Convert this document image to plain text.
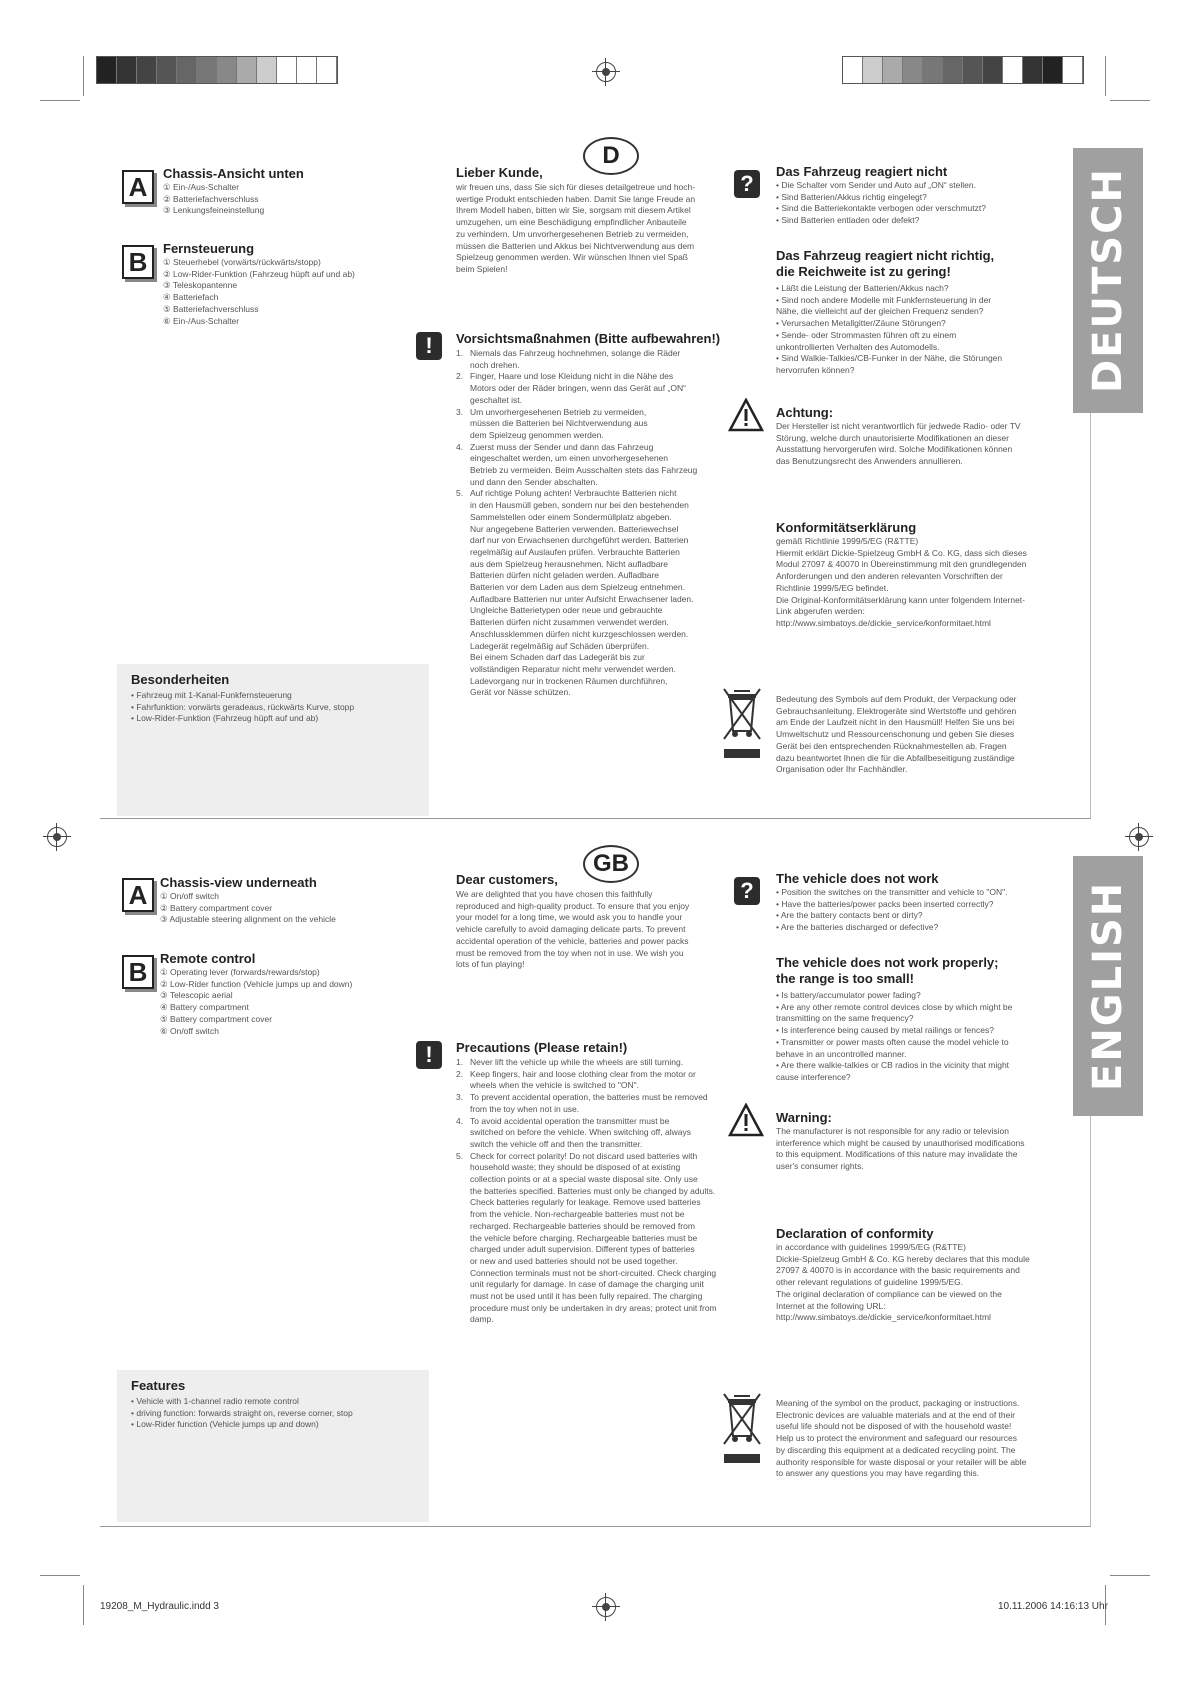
19208_M_Hydraulic.indd 3	10.11.2006 14:16:13 Uhr
DEUTSCH
D
A	Chassis-Ansicht unten
① Ein-/Aus-Schalter
② Batteriefachverschluss
③ Lenkungsfeineinstellung
B	Fernsteuerung
① Steuerhebel (vorwärts/rückwärts/stopp)
② Low-Rider-Funktion (Fahrzeug hüpft auf und ab)
③ Teleskopantenne
④ Batteriefach
⑤ Batteriefachverschluss
⑥ Ein-/Aus-Schalter
Besonderheiten
• Fahrzeug mit 1-Kanal-Funkfernsteuerung
• Fahrfunktion: vorwärts geradeaus, rückwärts Kurve, stopp
• Low-Rider-Funktion (Fahrzeug hüpft auf und ab)
Lieber Kunde,
wir freuen uns, dass Sie sich für dieses detailgetreue und hoch-
wertige Produkt entschieden haben. Damit Sie lange Freude an
Ihrem Modell haben, bitten wir Sie, sorgsam mit diesem Artikel
umzugehen, um eine Beschädigung empfindlicher Anbauteile
zu verhindern. Um unvorhergesehenen Betrieb zu vermeiden,
müssen die Batterien und Akkus bei Nichtverwendung aus dem
Spielzeug genommen werden. Wir wünschen Ihnen viel Spaß
beim Spielen!
!	Vorsichtsmaßnahmen (Bitte aufbewahren!)
1. Niemals das Fahrzeug hochnehmen, solange die Räder
noch drehen.
2. Finger, Haare und lose Kleidung nicht in die Nähe des
Motors oder der Räder bringen, wenn das Gerät auf „ON“
geschaltet ist.
3. Um unvorhergesehenen Betrieb zu vermeiden,
müssen die Batterien bei Nichtverwendung aus
dem Spielzeug genommen werden.
4. Zuerst muss der Sender und dann das Fahrzeug
eingeschaltet werden, um einen unvorhergesehenen
Betrieb zu vermeiden. Beim Ausschalten stets das Fahrzeug
und dann den Sender abschalten.
5. Auf richtige Polung achten! Verbrauchte Batterien nicht
in den Hausmüll geben, sondern nur bei den bestehenden
Sammelstellen oder einem Sondermüllplatz abgeben.
Nur angegebene Batterien verwenden. Batteriewechsel
darf nur von Erwachsenen durchgeführt werden. Batterien
regelmäßig auf Auslaufen prüfen. Verbrauchte Batterien
aus dem Spielzeug herausnehmen. Nicht aufladbare
Batterien dürfen nicht geladen werden. Aufladbare
Batterien vor dem Laden aus dem Spielzeug entnehmen.
Aufladbare Batterien nur unter Aufsicht Erwachsener laden.
Ungleiche Batterietypen oder neue und gebrauchte
Batterien dürfen nicht zusammen verwendet werden.
Anschlussklemmen dürfen nicht kurzgeschlossen werden.
Ladegerät regelmäßig auf Schäden überprüfen.
Bei einem Schaden darf das Ladegerät bis zur
vollständigen Reparatur nicht mehr verwendet werden.
Ladevorgang nur in trockenen Räumen durchführen,
Gerät vor Nässe schützen.
?	Das Fahrzeug reagiert nicht
• Die Schalter vom Sender und Auto auf „ON“ stellen.
• Sind Batterien/Akkus richtig eingelegt?
• Sind die Batteriekontakte verbogen oder verschmutzt?
• Sind Batterien entladen oder defekt?
Das Fahrzeug reagiert nicht richtig,
die Reichweite ist zu gering!
• Läßt die Leistung der Batterien/Akkus nach?
• Sind noch andere Modelle mit Funkfernsteuerung in der
Nähe, die vielleicht auf der gleichen Frequenz senden?
• Verursachen Metallgitter/Zäune Störungen?
• Sende- oder Strommasten führen oft zu einem
unkontrollierten Verhalten des Automodells.
• Sind Walkie-Talkies/CB-Funker in der Nähe, die Störungen
hervorrufen können?
Achtung:
Der Hersteller ist nicht verantwortlich für jedwede Radio- oder TV
Störung, welche durch unautorisierte Modifikationen an dieser
Ausstattung hervorgerufen wird. Solche Modifikationen können
das Benutzungsrecht des Anwenders annullieren.
Konformitätserklärung
gemäß Richtlinie 1999/5/EG (R&TTE)
Hiermit erklärt Dickie-Spielzeug GmbH & Co. KG, dass sich dieses
Modul 27097 & 40070 in Übereinstimmung mit den grundlegenden
Anforderungen und den anderen relevanten Vorschriften der
Richtlinie 1999/5/EG befindet.
Die Original-Konformitätserklärung kann unter folgendem Internet-
Link abgerufen werden:
http://www.simbatoys.de/dickie_service/konformitaet.html
Bedeutung des Symbols auf dem Produkt, der Verpackung oder
Gebrauchsanleitung. Elektrogeräte sind Wertstoffe und gehören
am Ende der Laufzeit nicht in den Hausmüll! Helfen Sie uns bei
Umweltschutz und Ressourcenschonung und geben Sie dieses
Gerät bei den entsprechenden Rücknahmestellen ab. Fragen
dazu beantwortet Ihnen die für die Abfallbeseitigung zuständige
Organisation oder Ihr Fachhändler.
ENGLISH
GB
A Chassis-view underneath
① On/off switch
② Battery compartment cover
③ Adjustable steering alignment on the vehicle
B Remote control
① Operating lever (forwards/rewards/stop)
② Low-Rider function (Vehicle jumps up and down)
③ Telescopic aerial
④ Battery compartment
⑤ Battery compartment cover
⑥ On/off switch
Features
• Vehicle with 1-channel radio remote control
• driving function: forwards straight on, reverse corner, stop
• Low-Rider function (Vehicle jumps up and down)
Dear customers,
We are delighted that you have chosen this faithfully
reproduced and high-quality product. To ensure that you enjoy
your model for a long time, we would ask you to handle your
vehicle carefully to avoid damaging delicate parts. To prevent
accidental operation of the vehicle, batteries and power packs
must be removed from the toy when not in use. We wish you
lots of fun playing!
!	Precautions (Please retain!)
1. Never lift the vehicle up while the wheels are still turning.
2. Keep fingers, hair and loose clothing clear from the motor or
wheels when the vehicle is switched to "ON".
3. To prevent accidental operation, the batteries must be removed
from the toy when not in use.
4. To avoid accidental operation the transmitter must be
switched on before the vehicle. When switching off, always
switch the vehicle off and then the transmitter.
5. Check for correct polarity! Do not discard used batteries with
household waste; they should be disposed of at existing
collection points or at a special waste disposal site. Only use
the batteries specified. Batteries must only be changed by adults.
Check batteries regularly for leakage. Remove used batteries
from the vehicle. Non-rechargeable batteries must not be
recharged. Rechargeable batteries should be removed from
the vehicle before charging. Rechargeable batteries must be
charged under adult supervision. Different types of batteries
or new and used batteries should not be used together.
Connection terminals must not be short-circuited. Check charging
unit regularly for damage. In case of damage the charging unit
must not be used until it has been fully repaired. The charging
procedure must only be undertaken in dry areas; protect unit from
damp.
?	The vehicle does not work
• Position the switches on the transmitter and vehicle to "ON".
• Have the batteries/power packs been inserted correctly?
• Are the battery contacts bent or dirty?
• Are the batteries discharged or defective?
The vehicle does not work properly;
the range is too small!
• Is battery/accumulator power fading?
• Are any other remote control devices close by which might be
transmitting on the same frequency?
• Is interference being caused by metal railings or fences?
• Transmitter or power masts often cause the model vehicle to
behave in an uncontrolled manner.
• Are there walkie-talkies or CB radios in the vicinity that might
cause interference?
Warning:
The manufacturer is not responsible for any radio or television
interference which might be caused by unauthorised modifications
to this equipment. Modifications of this nature may invalidate the
user's consumer rights.
Declaration of conformity
in accordance with guidelines 1999/5/EG (R&TTE)
Dickie-Spielzeug GmbH & Co. KG hereby declares that this module
27097 & 40070 is in accordance with the basic requirements and
other relevant regulations of guideline 1999/5/EG.
The original declaration of compliance can be viewed on the
Internet at the following URL:
http://www.simbatoys.de/dickie_service/konformitaet.html
Meaning of the symbol on the product, packaging or instructions.
Electronic devices are valuable materials and at the end of their
useful life should not be disposed of with the household waste!
Help us to protect the environment and safeguard our resources
by discarding this equipment at a dedicated recycling point. The
authority responsible for waste disposal or your retailer will be able
to answer any questions you may have regarding this.
